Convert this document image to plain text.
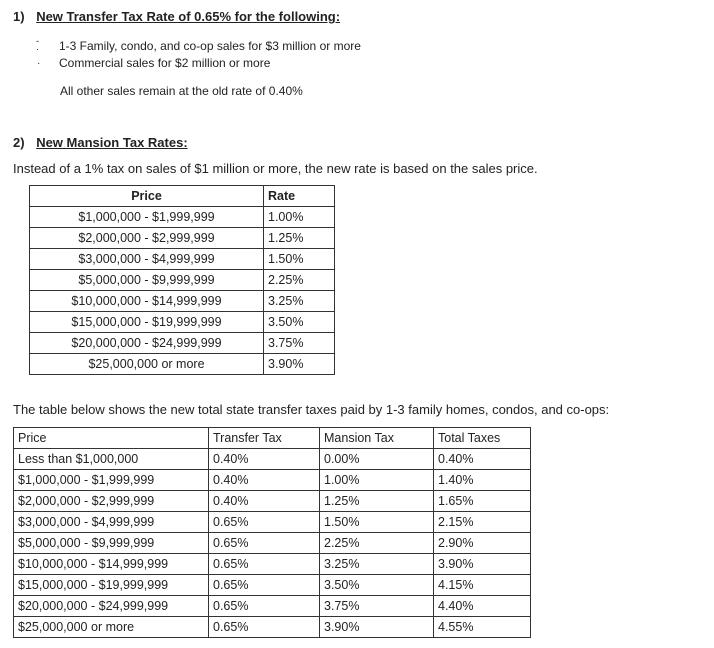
1) New Transfer Tax Rate of 0.65% for the following:
-
· 1-3 Family, condo, and co-op sales for $3 million or more
· Commercial sales for $2 million or more
All other sales remain at the old rate of 0.40%
2) New Mansion Tax Rates:
Instead of a 1% tax on sales of $1 million or more, the new rate is based on the sales price.
Price	Rate
$1,000,000 - $1,999,999	1.00%
$2,000,000 - $2,999,999	1.25%
$3,000,000 - $4,999,999	1.50%
$5,000,000 - $9,999,999	2.25%
$10,000,000 - $14,999,999	3.25%
$15,000,000 - $19,999,999	3.50%
$20,000,000 - $24,999,999	3.75%
$25,000,000 or more	3.90%
The table below shows the new total state transfer taxes paid by 1-3 family homes, condos, and co-ops:
Price	Transfer Tax	Mansion Tax	Total Taxes
Less than $1,000,000	0.40%	0.00%	0.40%
$1,000,000 - $1,999,999	0.40%	1.00%	1.40%
$2,000,000 - $2,999,999	0.40%	1.25%	1.65%
$3,000,000 - $4,999,999	0.65%	1.50%	2.15%
$5,000,000 - $9,999,999	0.65%	2.25%	2.90%
$10,000,000 - $14,999,999	0.65%	3.25%	3.90%
$15,000,000 - $19,999,999	0.65%	3.50%	4.15%
$20,000,000 - $24,999,999	0.65%	3.75%	4.40%
$25,000,000 or more	0.65%	3.90%	4.55%
